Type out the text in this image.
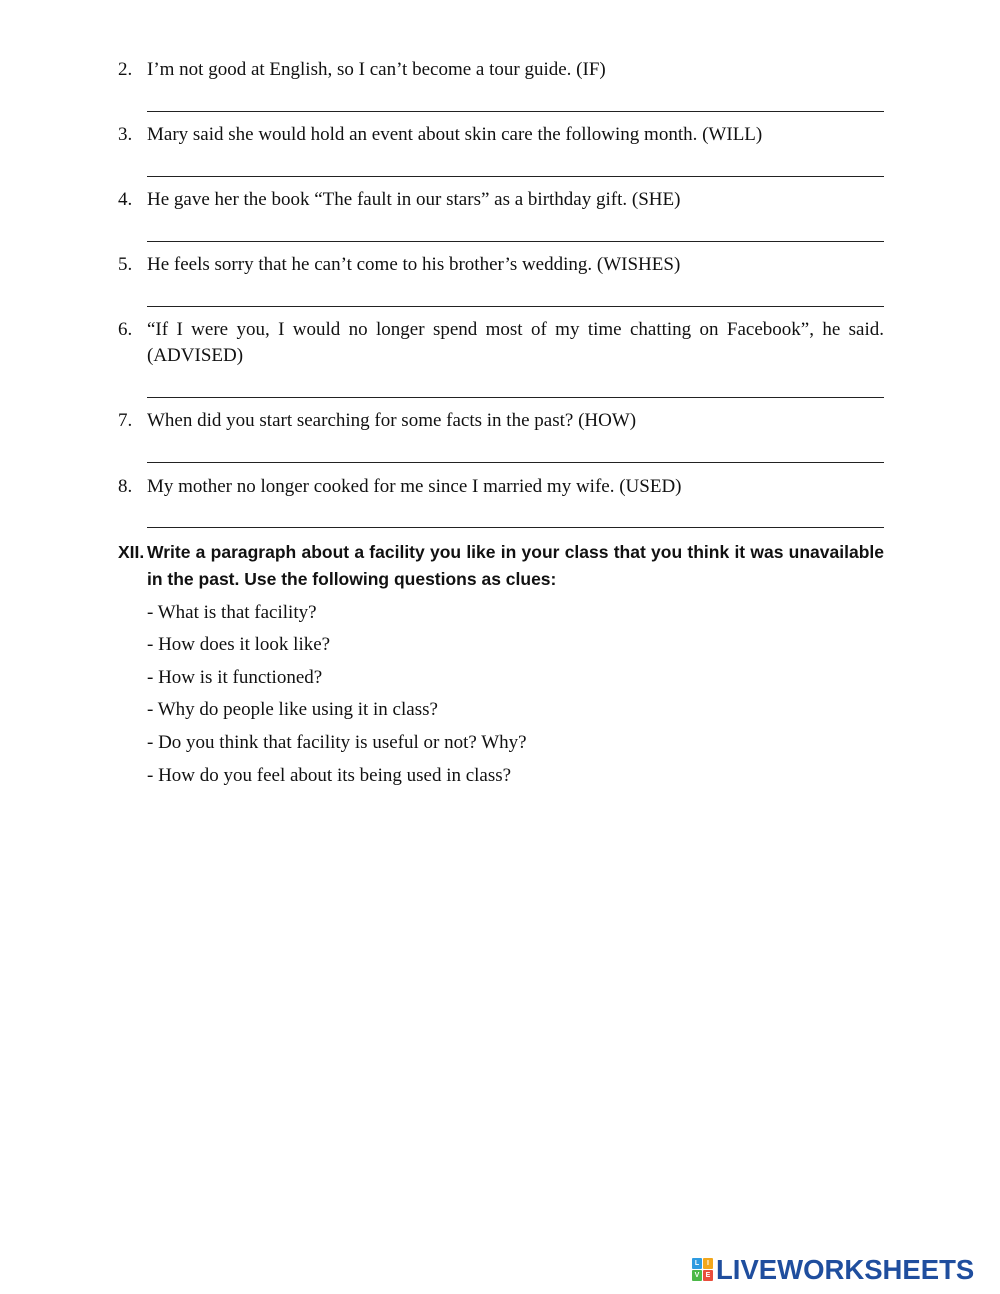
2. I’m not good at English, so I can’t become a tour guide. (IF)
3. Mary said she would hold an event about skin care the following month. (WILL)
4. He gave her the book “The fault in our stars” as a birthday gift. (SHE)
5. He feels sorry that he can’t come to his brother’s wedding. (WISHES)
6. “If I were you, I would no longer spend most of my time chatting on Facebook”, he said. (ADVISED)
7. When did you start searching for some facts in the past? (HOW)
8. My mother no longer cooked for me since I married my wife. (USED)
XII. Write a paragraph about a facility you like in your class that you think it was unavailable in the past. Use the following questions as clues:
- What is that facility?
- How does it look like?
- How is it functioned?
- Why do people like using it in class?
- Do you think that facility is useful or not? Why?
- How do you feel about its being used in class?
L	I
V E LIVEWORKSHEETS
